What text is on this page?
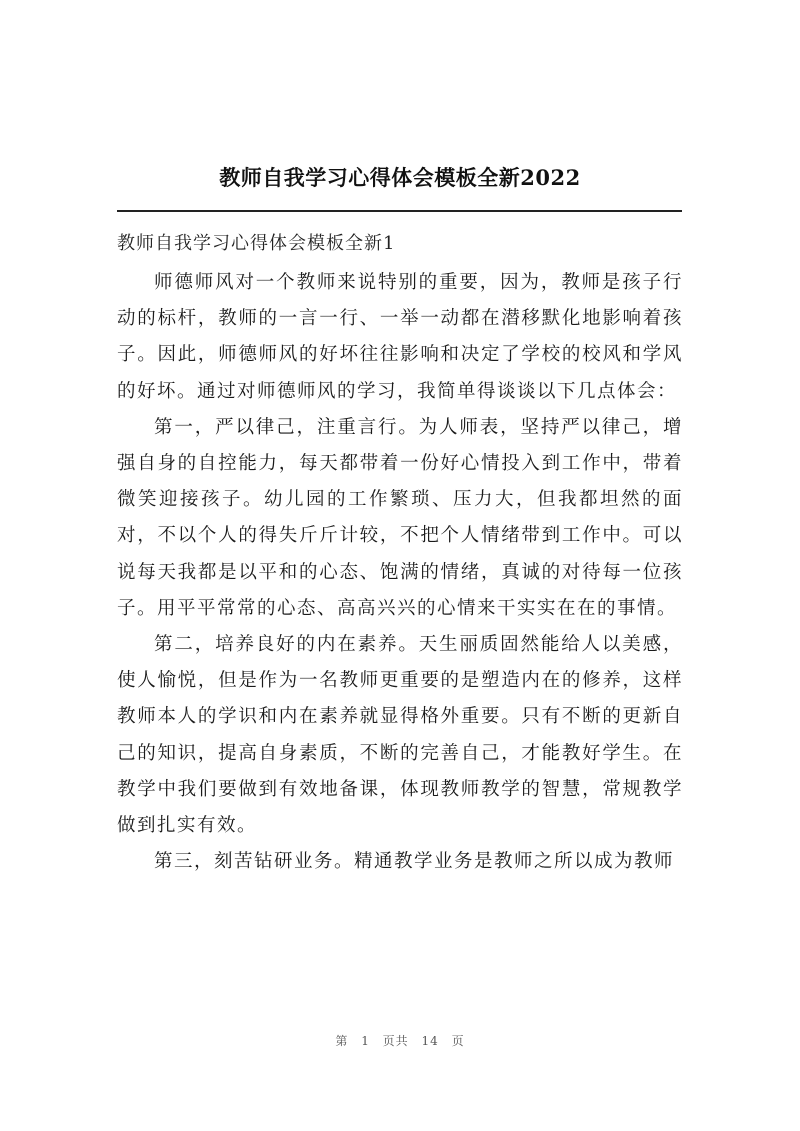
教师自我学习心得体会模板全新2022
教师自我学习心得体会模板全新1

师德师风对一个教师来说特别的重要，因为，教师是孩子行动的标杆，教师的一言一行、一举一动都在潜移默化地影响着孩子。因此，师德师风的好坏往往影响和决定了学校的校风和学风的好坏。通过对师德师风的学习，我简单得谈谈以下几点体会：

第一，严以律己，注重言行。为人师表，坚持严以律己，增强自身的自控能力，每天都带着一份好心情投入到工作中，带着微笑迎接孩子。幼儿园的工作繁琐、压力大，但我都坦然的面对，不以个人的得失斤斤计较，不把个人情绪带到工作中。可以说每天我都是以平和的心态、饱满的情绪，真诚的对待每一位孩子。用平平常常的心态、高高兴兴的心情来干实实在在的事情。

第二，培养良好的内在素养。天生丽质固然能给人以美感，使人愉悦，但是作为一名教师更重要的是塑造内在的修养，这样教师本人的学识和内在素养就显得格外重要。只有不断的更新自己的知识，提高自身素质，不断的完善自己，才能教好学生。在教学中我们要做到有效地备课，体现教师教学的智慧，常规教学做到扎实有效。

第三，刻苦钻研业务。精通教学业务是教师之所以成为教师

第 1 页共 14 页
